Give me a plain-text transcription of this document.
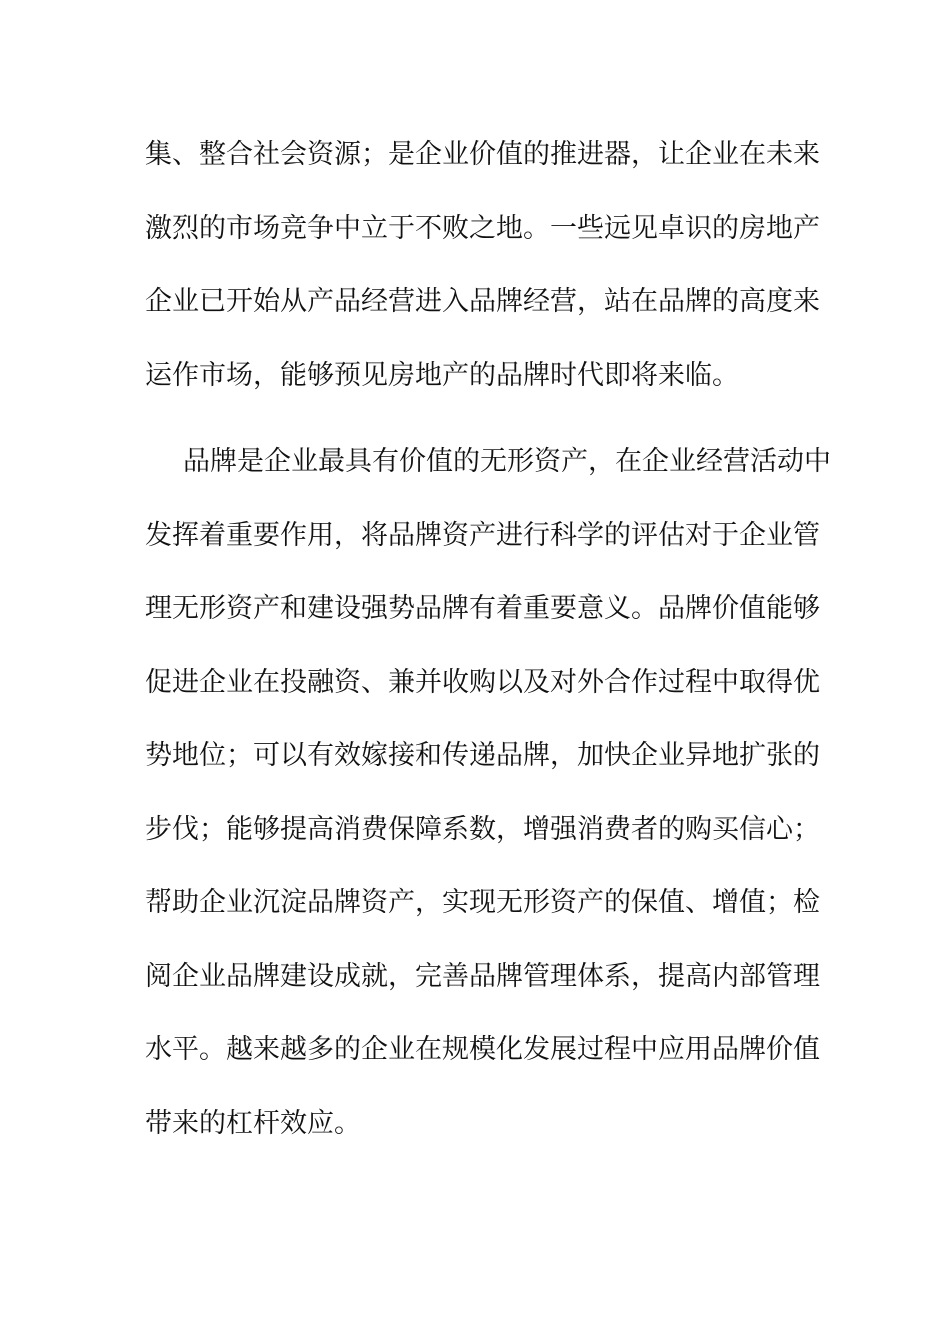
集、整合社会资源；是企业价值的推进器，让企业在未来
激烈的市场竞争中立于不败之地。一些远见卓识的房地产
企业已开始从产品经营进入品牌经营，站在品牌的高度来
运作市场，能够预见房地产的品牌时代即将来临。
品牌是企业最具有价值的无形资产，在企业经营活动中
发挥着重要作用，将品牌资产进行科学的评估对于企业管
理无形资产和建设强势品牌有着重要意义。品牌价值能够
促进企业在投融资、兼并收购以及对外合作过程中取得优
势地位；可以有效嫁接和传递品牌，加快企业异地扩张的
步伐；能够提高消费保障系数，增强消费者的购买信心；
帮助企业沉淀品牌资产，实现无形资产的保值、增值；检
阅企业品牌建设成就，完善品牌管理体系，提高内部管理
水平。越来越多的企业在规模化发展过程中应用品牌价值
带来的杠杆效应。
